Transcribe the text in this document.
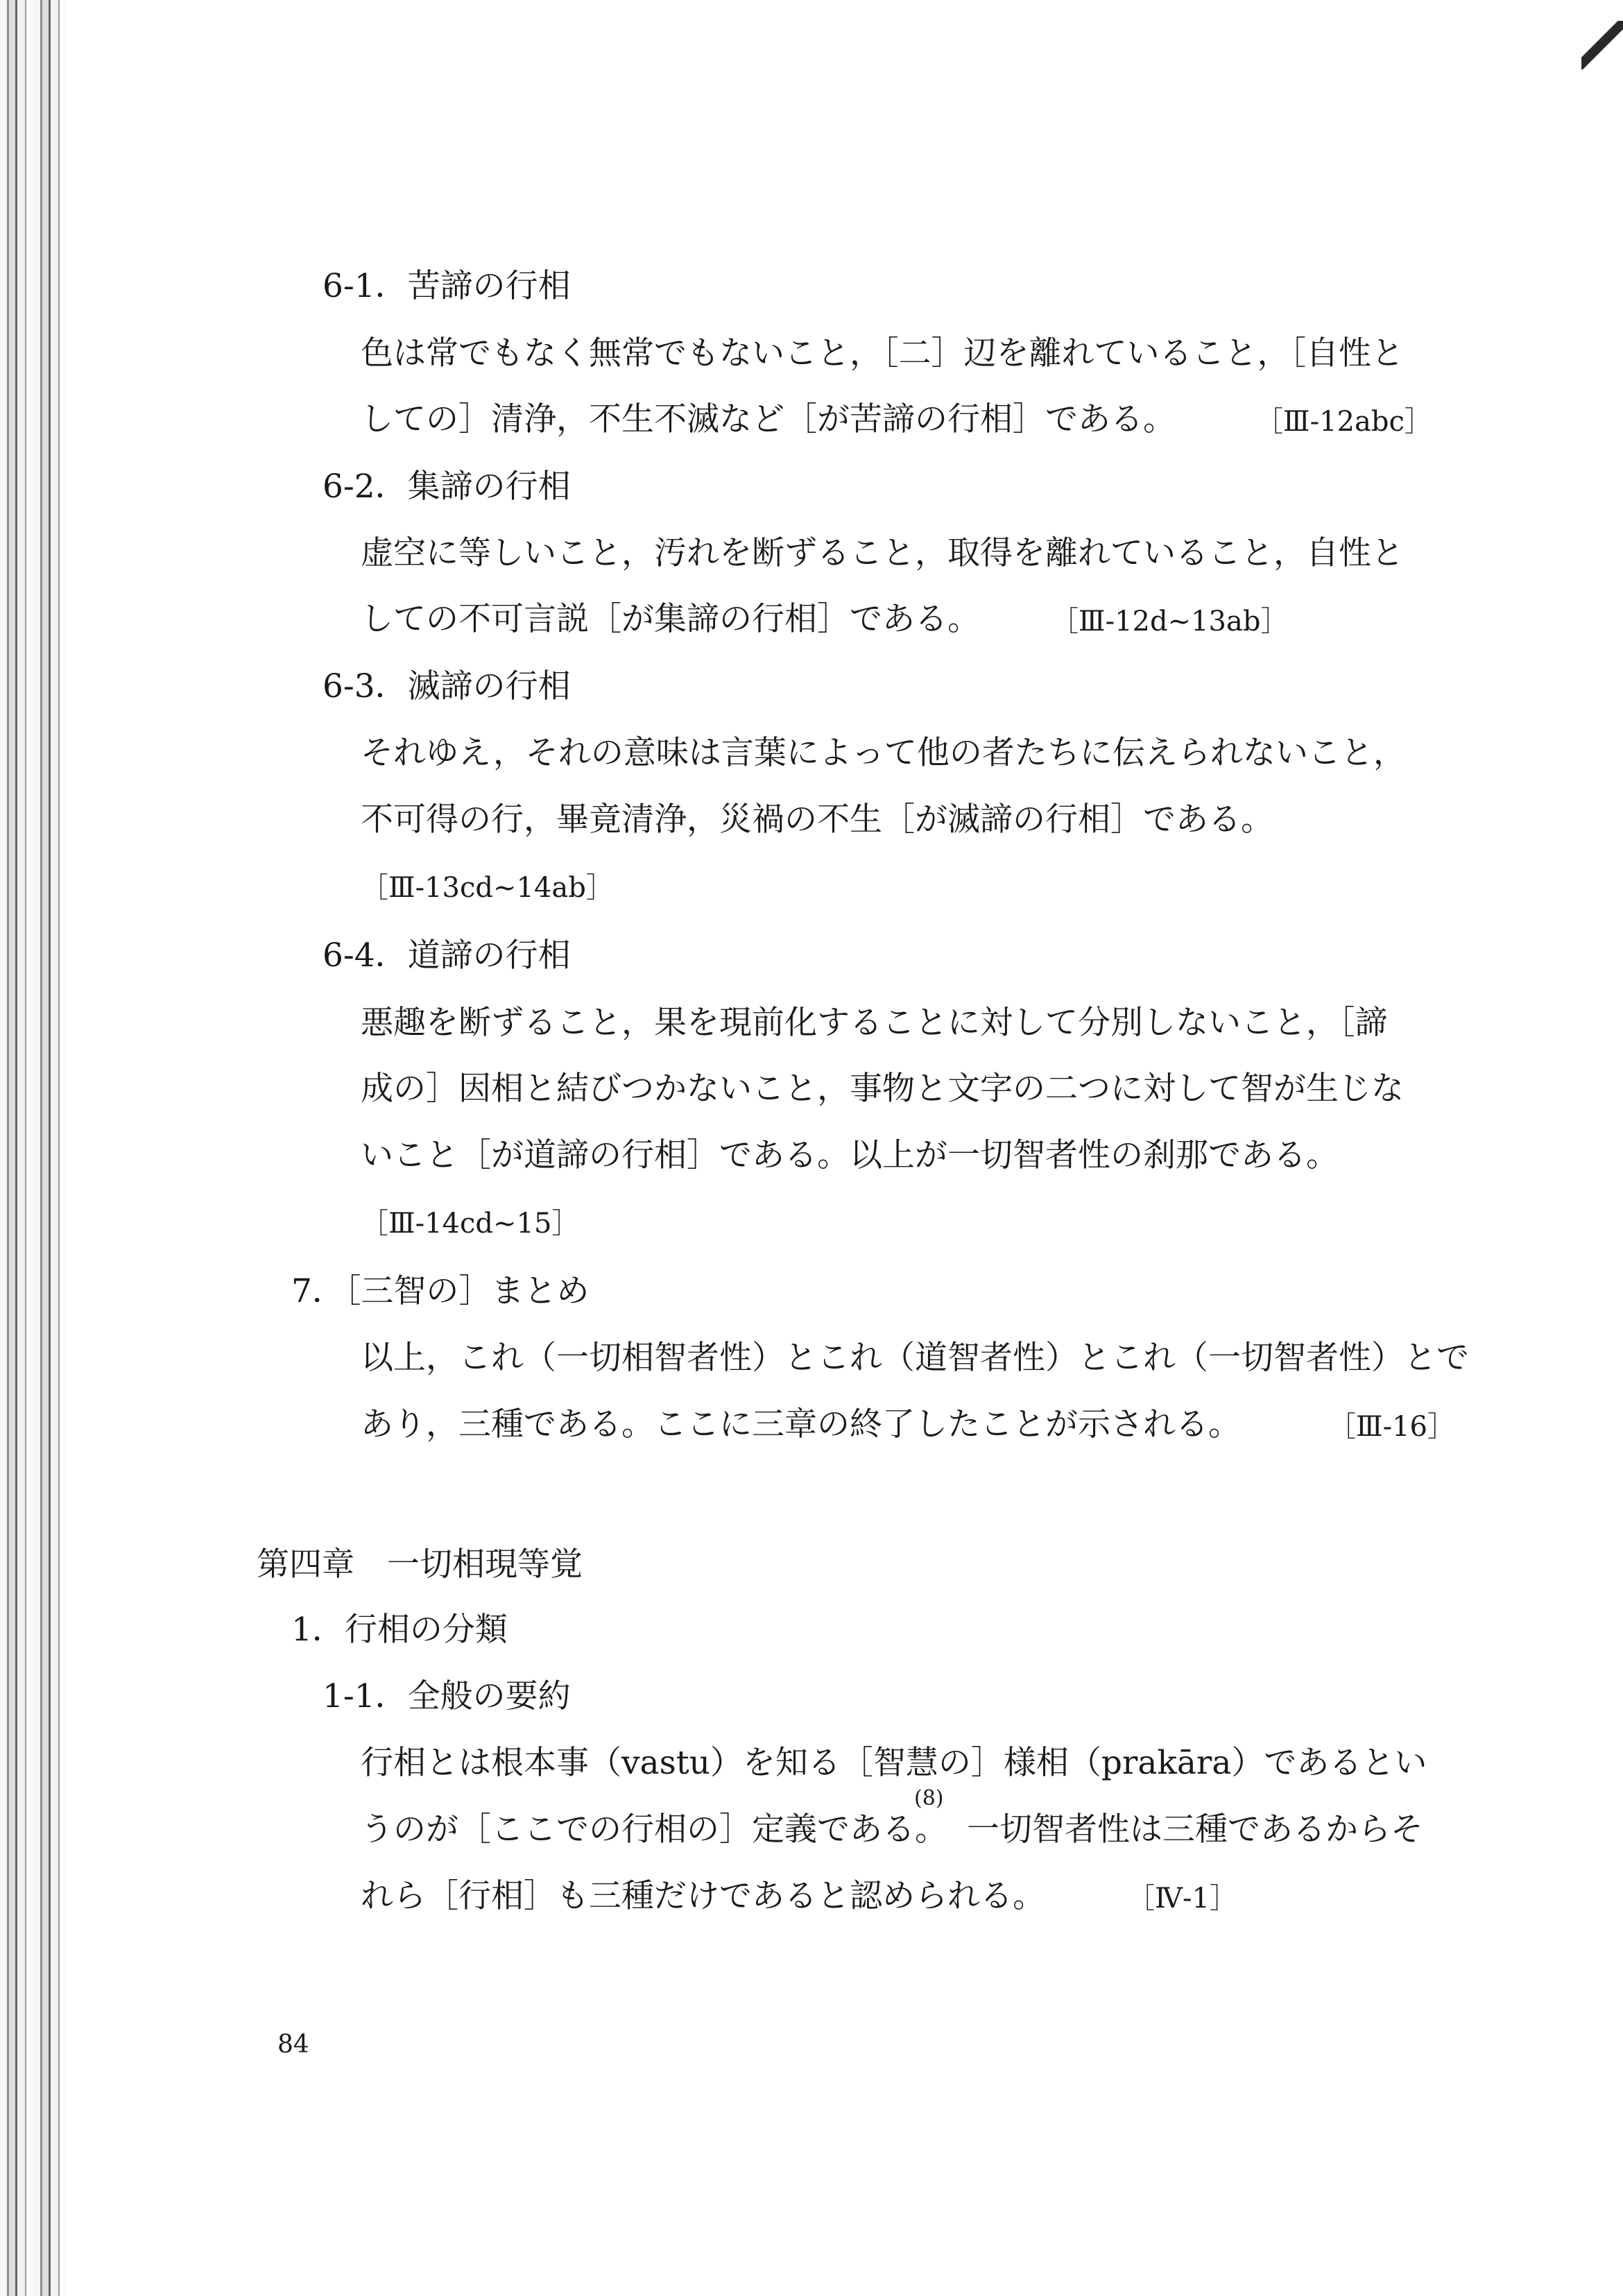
6-1．苦諦の行相
色は常でもなく無常でもないこと，［二］辺を離れていること，［自性と
しての］清浄，不生不滅など［が苦諦の行相］である。	［Ⅲ-12abc］
6-2．集諦の行相
虚空に等しいこと，汚れを断ずること，取得を離れていること，自性と
しての不可言説［が集諦の行相］である。	［Ⅲ-12d~13ab］
6-3．滅諦の行相
それゆえ，それの意味は言葉によって他の者たちに伝えられないこと，
不可得の行，畢竟清浄，災禍の不生［が滅諦の行相］である。
［Ⅲ-13cd~14ab］
6-4．道諦の行相
悪趣を断ずること，果を現前化することに対して分別しないこと，［諦
成の］因相と結びつかないこと，事物と文字の二つに対して智が生じな
いこと［が道諦の行相］である。以上が一切智者性の刹那である。
［Ⅲ-14cd~15］
7．［三智の］まとめ
以上，これ（一切相智者性）とこれ（道智者性）とこれ（一切智者性）とで
あり，三種である。ここに三章の終了したことが示される。	［Ⅲ-16］
第四章　一切相現等覚
1．行相の分類
1-1．全般の要約
行相とは根本事（vastu）を知る［智慧の］様相（prakāra）であるとい
うのが［ここでの行相の］定義である。
(8)
一切智者性は三種であるからそ
れら［行相］も三種だけであると認められる。	［Ⅳ-1］
84
